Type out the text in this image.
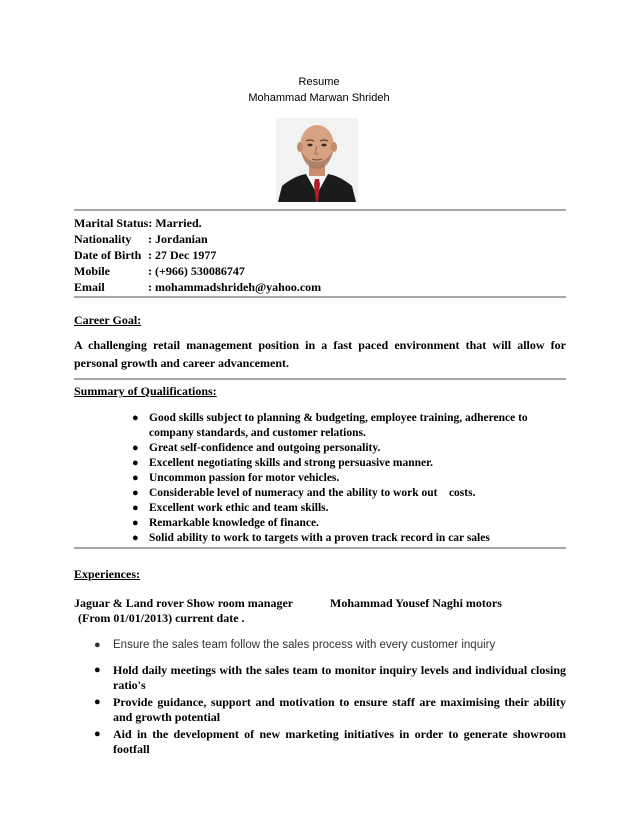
Resume
Mohammad Marwan Shrideh
Marital Status: Married.
Nationality : Jordanian
Date of Birth : 27 Dec 1977
Mobile	: (+966) 530086747
Email	: mohammadshrideh@yahoo.com
Career Goal:
A challenging retail management position in a fast paced environment that will allow for personal growth and career advancement.
Summary of Qualifications:
● Good skills subject to planning & budgeting, employee training, adherence to company standards, and customer relations.
● Great self-confidence and outgoing personality.
● Excellent negotiating skills and strong persuasive manner.
● Uncommon passion for motor vehicles.
● Considerable level of numeracy and the ability to work out    costs.
● Excellent work ethic and team skills.
● Remarkable knowledge of finance.
● Solid ability to work to targets with a proven track record in car sales
Experiences:
Jaguar & Land rover Show room manager	Mohammad Yousef Naghi motors
(From 01/01/2013) current date .
● Ensure the sales team follow the sales process with every customer inquiry
● Hold daily meetings with the sales team to monitor inquiry levels and individual closing ratio's
● Provide guidance, support and motivation to ensure staff are maximising their ability and growth potential
● Aid in the development of new marketing initiatives in order to generate showroom footfall
